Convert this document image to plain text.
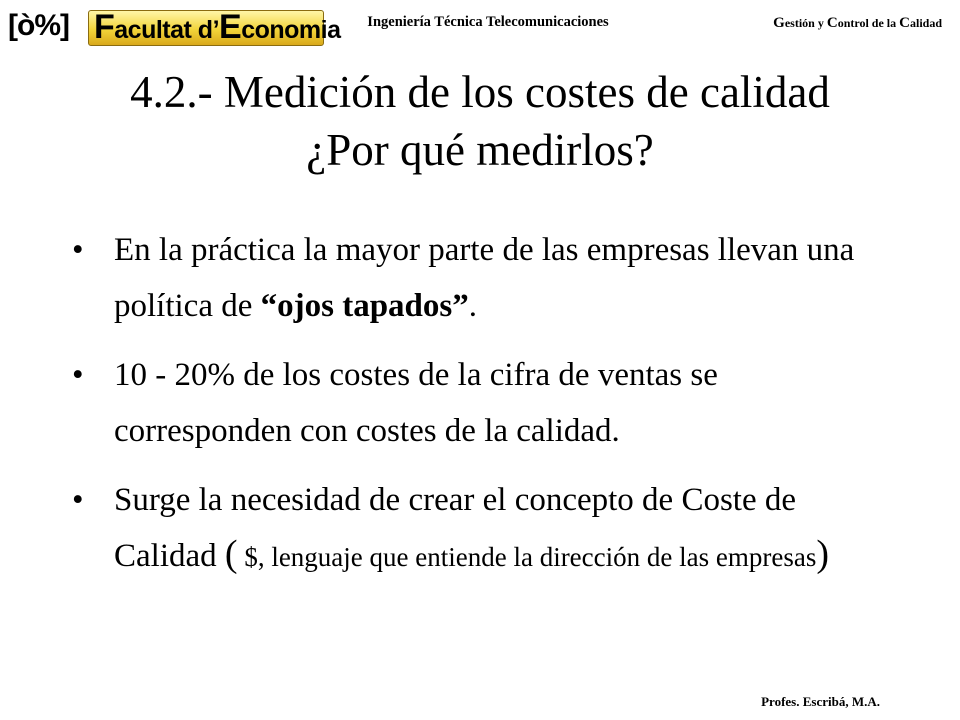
[ò%] Facultat d’Economia	Ingeniería Técnica Telecomunicaciones	Gestión y Control de la Calidad
4.2.- Medición de los costes de calidad
¿Por qué medirlos?
• En la práctica la mayor parte de las empresas llevan una política de “ojos tapados”.
• 10 - 20% de los costes de la cifra de ventas se corresponden con costes de la calidad.
• Surge la necesidad de crear el concepto de Coste de Calidad ( $, lenguaje que entiende la dirección de las empresas)
Profes. Escribá, M.A.
